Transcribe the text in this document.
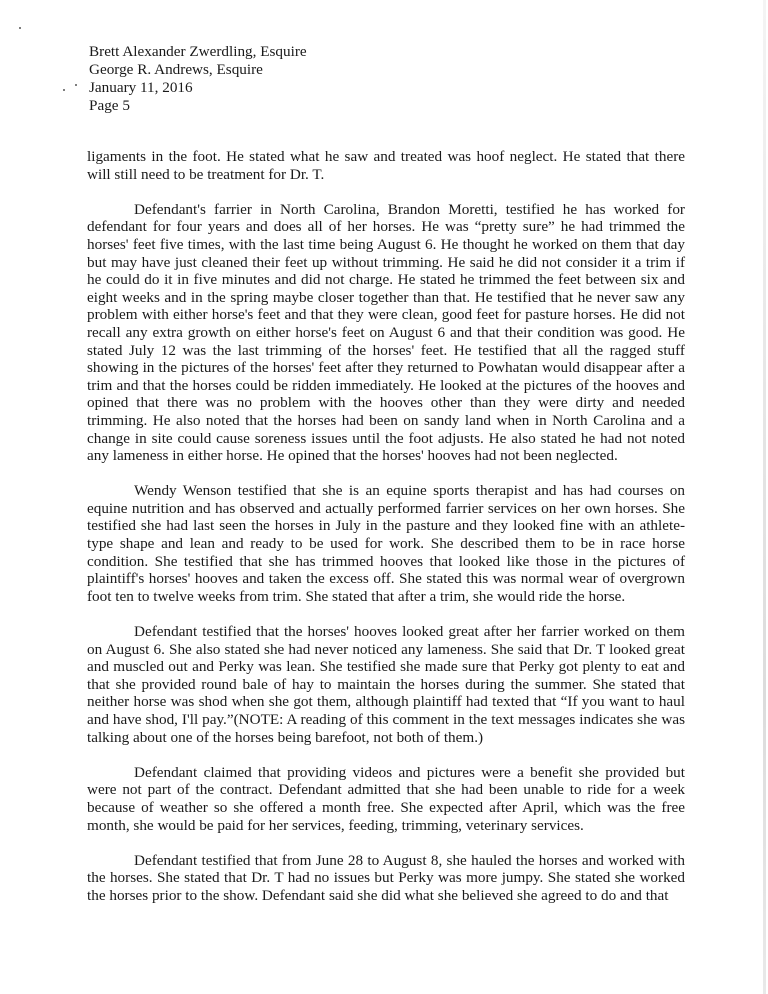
Brett Alexander Zwerdling, Esquire
George R. Andrews, Esquire
January 11, 2016
Page 5

ligaments in the foot. He stated what he saw and treated was hoof neglect. He stated that there will still need to be treatment for Dr. T.

Defendant's farrier in North Carolina, Brandon Moretti, testified he has worked for defendant for four years and does all of her horses. He was “pretty sure” he had trimmed the horses' feet five times, with the last time being August 6. He thought he worked on them that day but may have just cleaned their feet up without trimming. He said he did not consider it a trim if he could do it in five minutes and did not charge. He stated he trimmed the feet between six and eight weeks and in the spring maybe closer together than that. He testified that he never saw any problem with either horse's feet and that they were clean, good feet for pasture horses. He did not recall any extra growth on either horse's feet on August 6 and that their condition was good. He stated July 12 was the last trimming of the horses' feet. He testified that all the ragged stuff showing in the pictures of the horses' feet after they returned to Powhatan would disappear after a trim and that the horses could be ridden immediately. He looked at the pictures of the hooves and opined that there was no problem with the hooves other than they were dirty and needed trimming. He also noted that the horses had been on sandy land when in North Carolina and a change in site could cause soreness issues until the foot adjusts. He also stated he had not noted any lameness in either horse. He opined that the horses' hooves had not been neglected.

Wendy Wenson testified that she is an equine sports therapist and has had courses on equine nutrition and has observed and actually performed farrier services on her own horses. She testified she had last seen the horses in July in the pasture and they looked fine with an athlete-type shape and lean and ready to be used for work. She described them to be in race horse condition. She testified that she has trimmed hooves that looked like those in the pictures of plaintiff's horses' hooves and taken the excess off. She stated this was normal wear of overgrown foot ten to twelve weeks from trim. She stated that after a trim, she would ride the horse.

Defendant testified that the horses' hooves looked great after her farrier worked on them on August 6. She also stated she had never noticed any lameness. She said that Dr. T looked great and muscled out and Perky was lean. She testified she made sure that Perky got plenty to eat and that she provided round bale of hay to maintain the horses during the summer. She stated that neither horse was shod when she got them, although plaintiff had texted that “If you want to haul and have shod, I'll pay.”(NOTE: A reading of this comment in the text messages indicates she was talking about one of the horses being barefoot, not both of them.)

Defendant claimed that providing videos and pictures were a benefit she provided but were not part of the contract. Defendant admitted that she had been unable to ride for a week because of weather so she offered a month free. She expected after April, which was the free month, she would be paid for her services, feeding, trimming, veterinary services.

Defendant testified that from June 28 to August 8, she hauled the horses and worked with the horses. She stated that Dr. T had no issues but Perky was more jumpy. She stated she worked the horses prior to the show. Defendant said she did what she believed she agreed to do and that
